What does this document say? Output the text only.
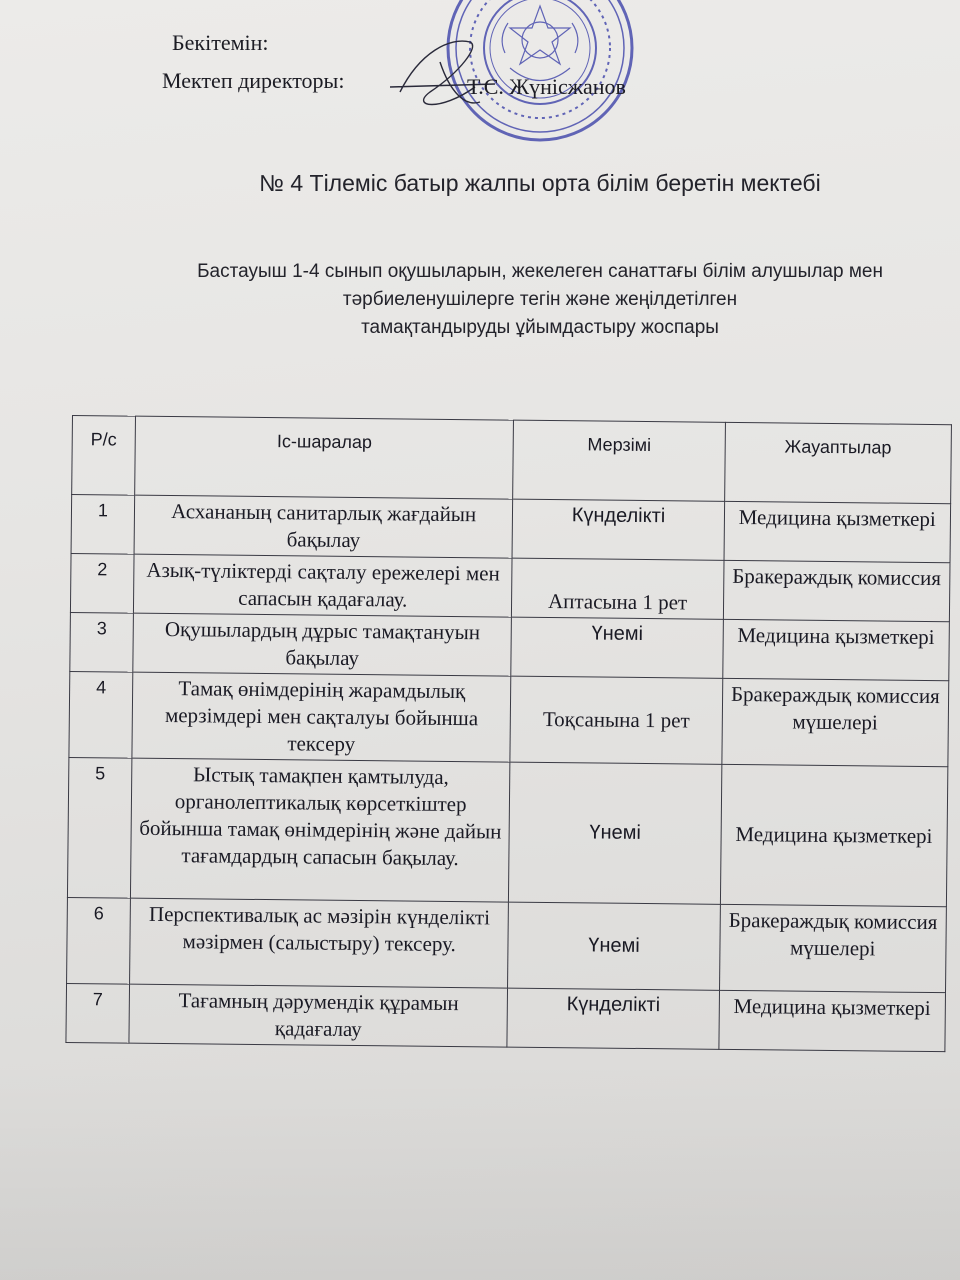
Бекітемін:
Мектеп директоры:	Т.С. Жүнісжанов
№ 4 Тілеміс батыр жалпы орта білім беретін мектебі
Бастауыш 1-4 сынып оқушыларын, жекелеген санаттағы білім алушылар мен
тәрбиеленушілерге тегін және жеңілдетілген
тамақтандыруды ұйымдастыру жоспары
Р/с	Іс-шаралар	Мерзімі	Жауаптылар
1	Асхананың санитарлық жағдайын бақылау	Күнделікті	Медицина қызметкері
2	Азық-түліктерді сақталу ережелері мен сапасын қадағалау.	Аптасына 1 рет	Бракераждық комиссия
3	Оқушылардың дұрыс тамақтануын бақылау	Үнемі	Медицина қызметкері
4	Тамақ өнімдерінің жарамдылық мерзімдері мен сақталуы бойынша тексеру	Тоқсанына 1 рет	Бракераждық комиссия мүшелері
5	Ыстық тамақпен қамтылуда, органолептикалық көрсеткіштер бойынша тамақ өнімдерінің және дайын тағамдардың сапасын бақылау.	Үнемі	Медицина қызметкері
6	Перспективалық ас мәзірін күнделікті мәзірмен (салыстыру) тексеру.	Үнемі	Бракераждық комиссия мүшелері
7	Тағамның дәрумендік құрамын қадағалау	Күнделікті	Медицина қызметкері
